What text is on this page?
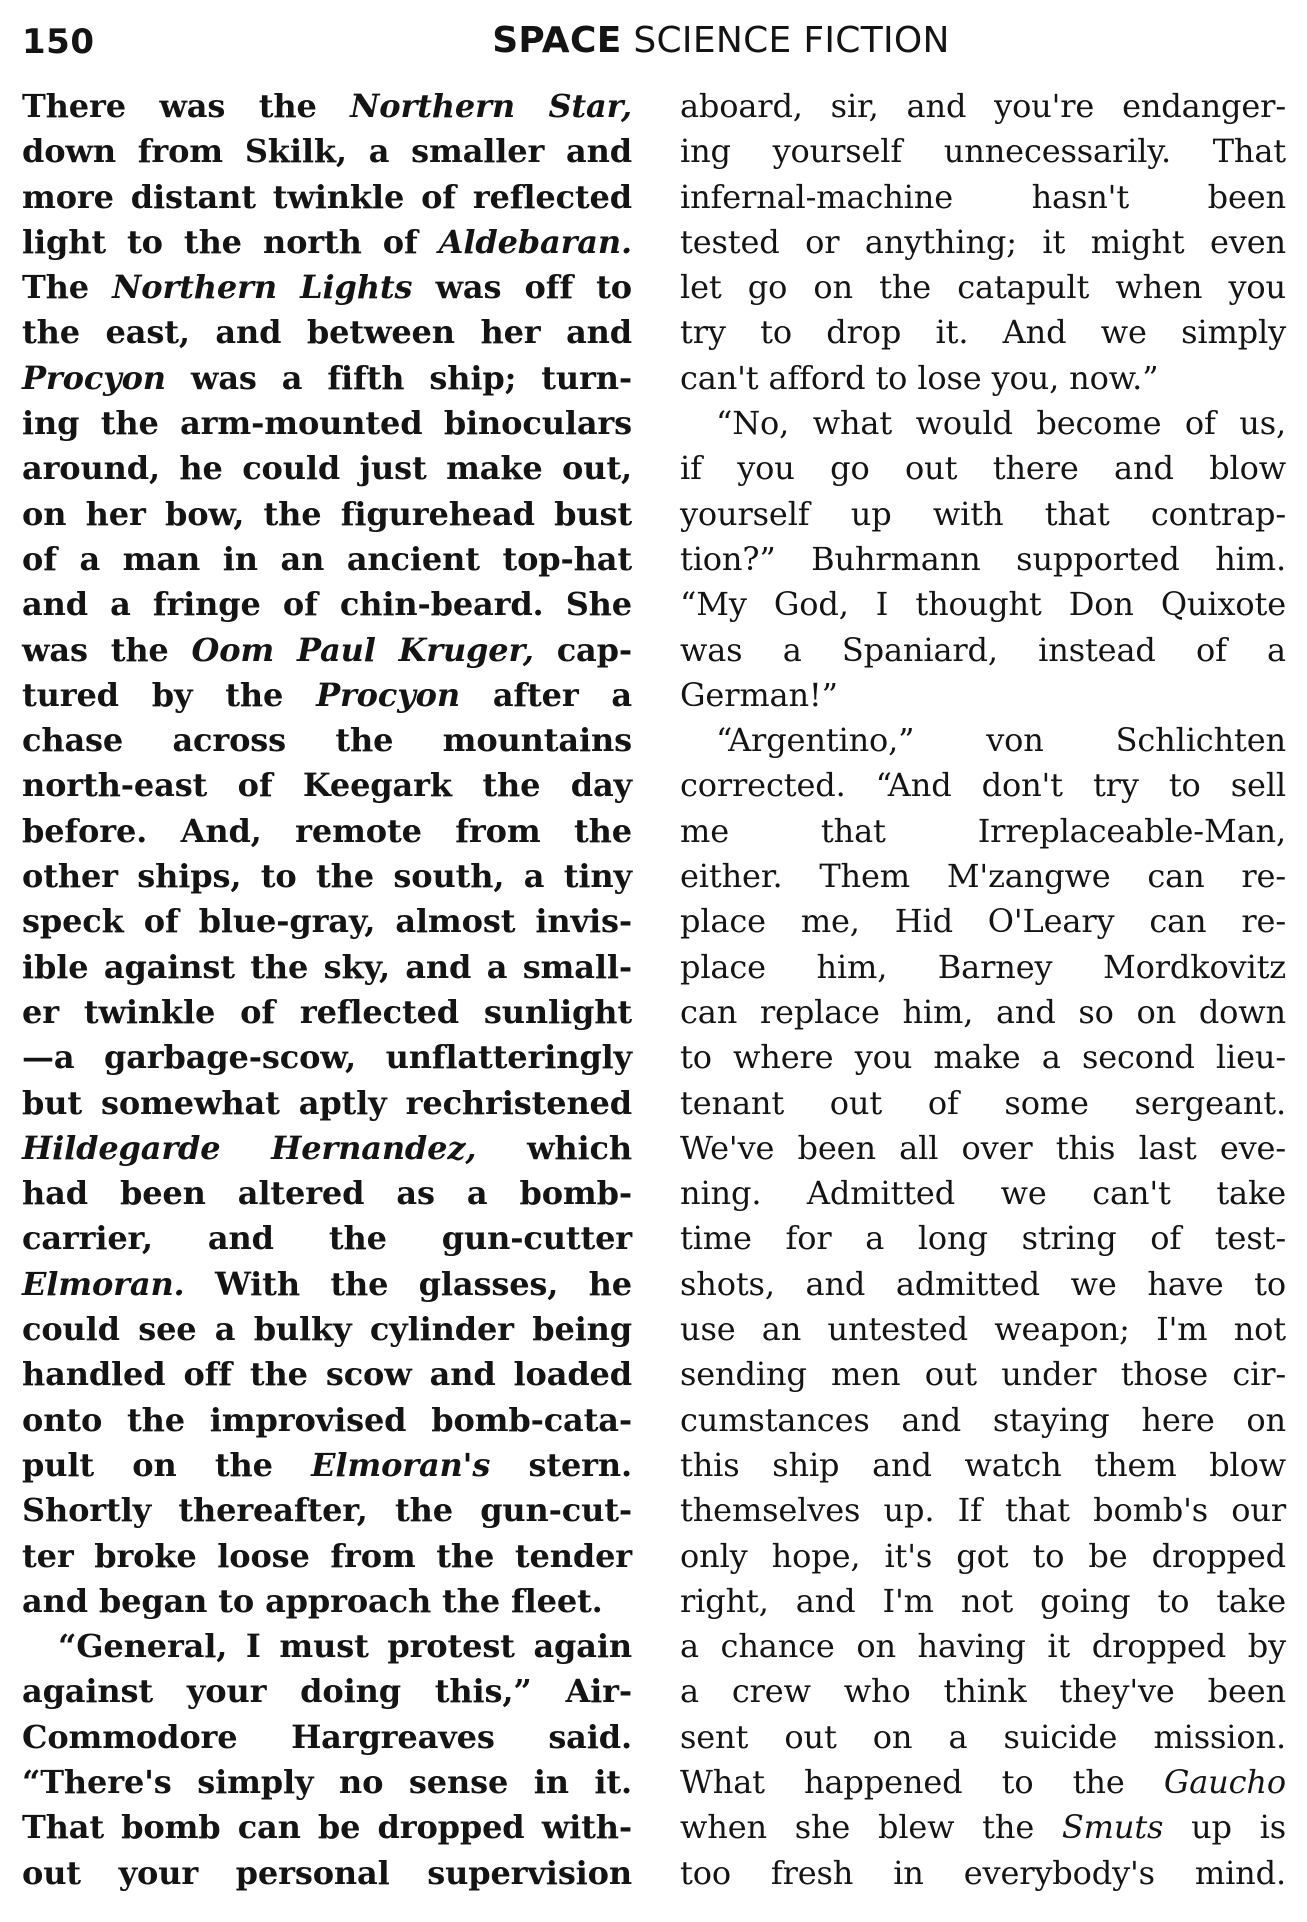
150	SPACE SCIENCE FICTION
There was the Northern Star,
down from Skilk, a smaller and
more distant twinkle of reflected
light to the north of Aldebaran.
The Northern Lights was off to
the east, and between her and
Procyon was a fifth ship; turn-
ing the arm-mounted binoculars
around, he could just make out,
on her bow, the figurehead bust
of a man in an ancient top-hat
and a fringe of chin-beard. She
was the Oom Paul Kruger, cap-
tured by the Procyon after a
chase across the mountains
north-east of Keegark the day
before. And, remote from the
other ships, to the south, a tiny
speck of blue-gray, almost invis-
ible against the sky, and a small-
er twinkle of reflected sunlight
—a garbage-scow, unflatteringly
but somewhat aptly rechristened
Hildegarde Hernandez, which
had been altered as a bomb-
carrier, and the gun-cutter
Elmoran. With the glasses, he
could see a bulky cylinder being
handled off the scow and loaded
onto the improvised bomb-cata-
pult on the Elmoran's stern.
Shortly thereafter, the gun-cut-
ter broke loose from the tender
and began to approach the fleet.
“General, I must protest again
against your doing this,” Air-
Commodore Hargreaves said.
“There's simply no sense in it.
That bomb can be dropped with-
out your personal supervision
aboard, sir, and you're endanger-
ing yourself unnecessarily. That
infernal-machine hasn't been
tested or anything; it might even
let go on the catapult when you
try to drop it. And we simply
can't afford to lose you, now.”
“No, what would become of us,
if you go out there and blow
yourself up with that contrap-
tion?” Buhrmann supported him.
“My God, I thought Don Quixote
was a Spaniard, instead of a
German!”
“Argentino,” von Schlichten
corrected. “And don't try to sell
me that Irreplaceable-Man,
either. Them M'zangwe can re-
place me, Hid O'Leary can re-
place him, Barney Mordkovitz
can replace him, and so on down
to where you make a second lieu-
tenant out of some sergeant.
We've been all over this last eve-
ning. Admitted we can't take
time for a long string of test-
shots, and admitted we have to
use an untested weapon; I'm not
sending men out under those cir-
cumstances and staying here on
this ship and watch them blow
themselves up. If that bomb's our
only hope, it's got to be dropped
right, and I'm not going to take
a chance on having it dropped by
a crew who think they've been
sent out on a suicide mission.
What happened to the Gaucho
when she blew the Smuts up is
too fresh in everybody's mind.
